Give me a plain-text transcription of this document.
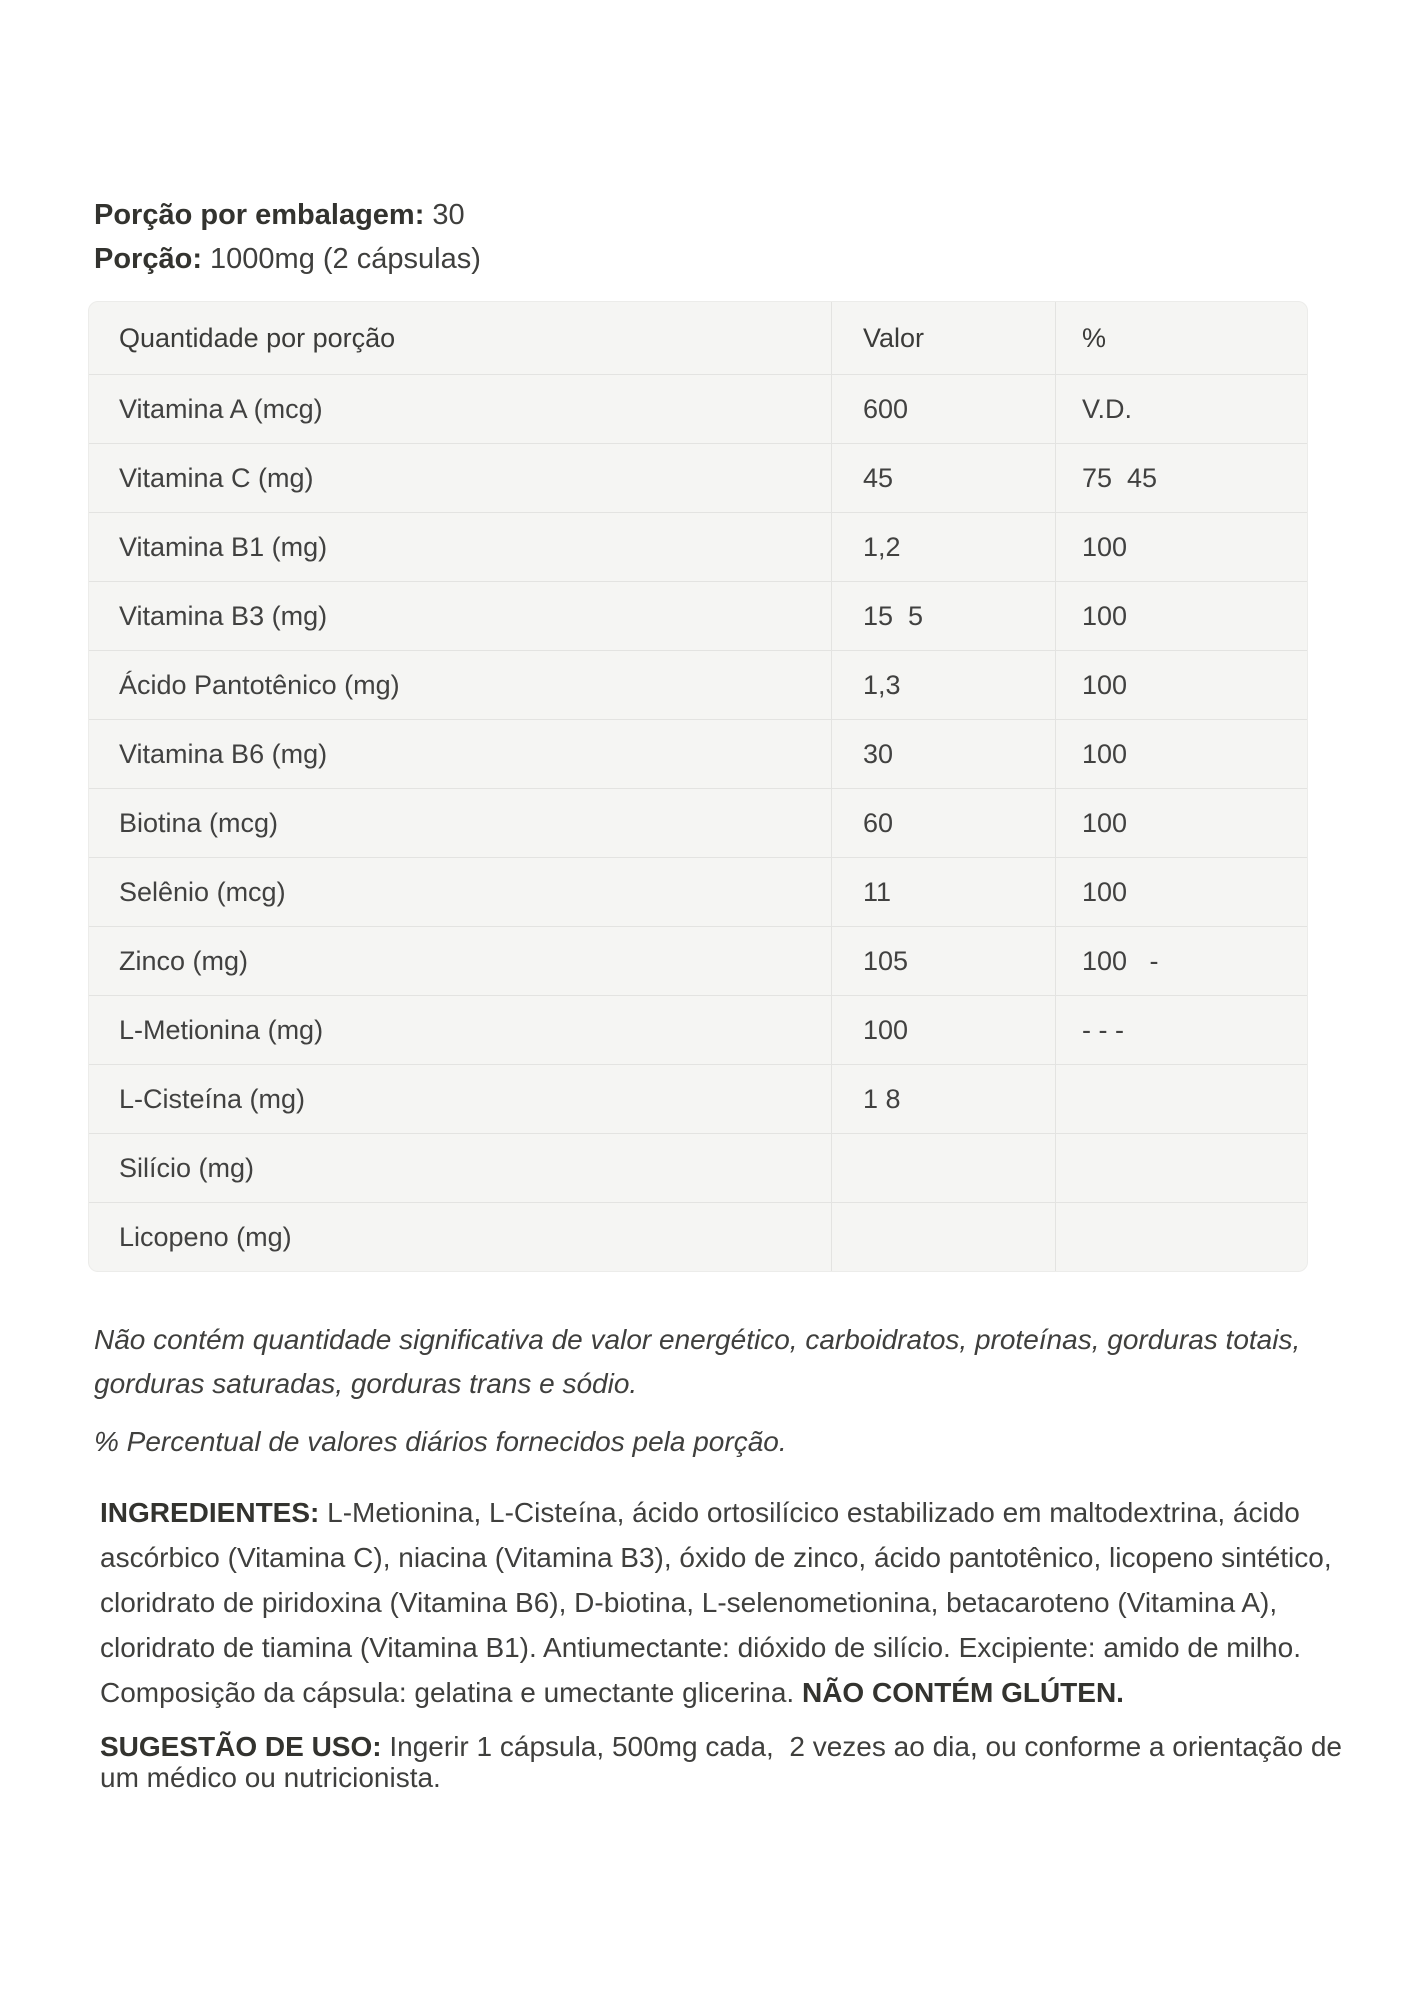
Porção por embalagem: 30

Porção: 1000mg (2 cápsulas)

Quantidade por porção	Valor	%
Vitamina A (mcg)	600	V.D.
Vitamina C (mg)	45	75  45
Vitamina B1 (mg)	1,2	100
Vitamina B3 (mg)	15  5	100
Ácido Pantotênico (mg)	1,3	100
Vitamina B6 (mg)	30	100
Biotina (mcg)	60	100
Selênio (mcg)	11	100
Zinco (mg)	105	100   -
L-Metionina (mg)	100	- - -
L-Cisteína (mg)	1 8
Silício (mg)
Licopeno (mg)

Não contém quantidade significativa de valor energético, carboidratos, proteínas, gorduras totais, gorduras saturadas, gorduras trans e sódio.

% Percentual de valores diários fornecidos pela porção.

INGREDIENTES: L-Metionina, L-Cisteína, ácido ortosilícico estabilizado em maltodextrina, ácido ascórbico (Vitamina C), niacina (Vitamina B3), óxido de zinco, ácido pantotênico, licopeno sintético, cloridrato de piridoxina (Vitamina B6), D-biotina, L-selenometionina, betacaroteno (Vitamina A), cloridrato de tiamina (Vitamina B1). Antiumectante: dióxido de silício. Excipiente: amido de milho. Composição da cápsula: gelatina e umectante glicerina. NÃO CONTÉM GLÚTEN.

SUGESTÃO DE USO: Ingerir 1 cápsula, 500mg cada,  2 vezes ao dia, ou conforme a orientação de um médico ou nutricionista.
